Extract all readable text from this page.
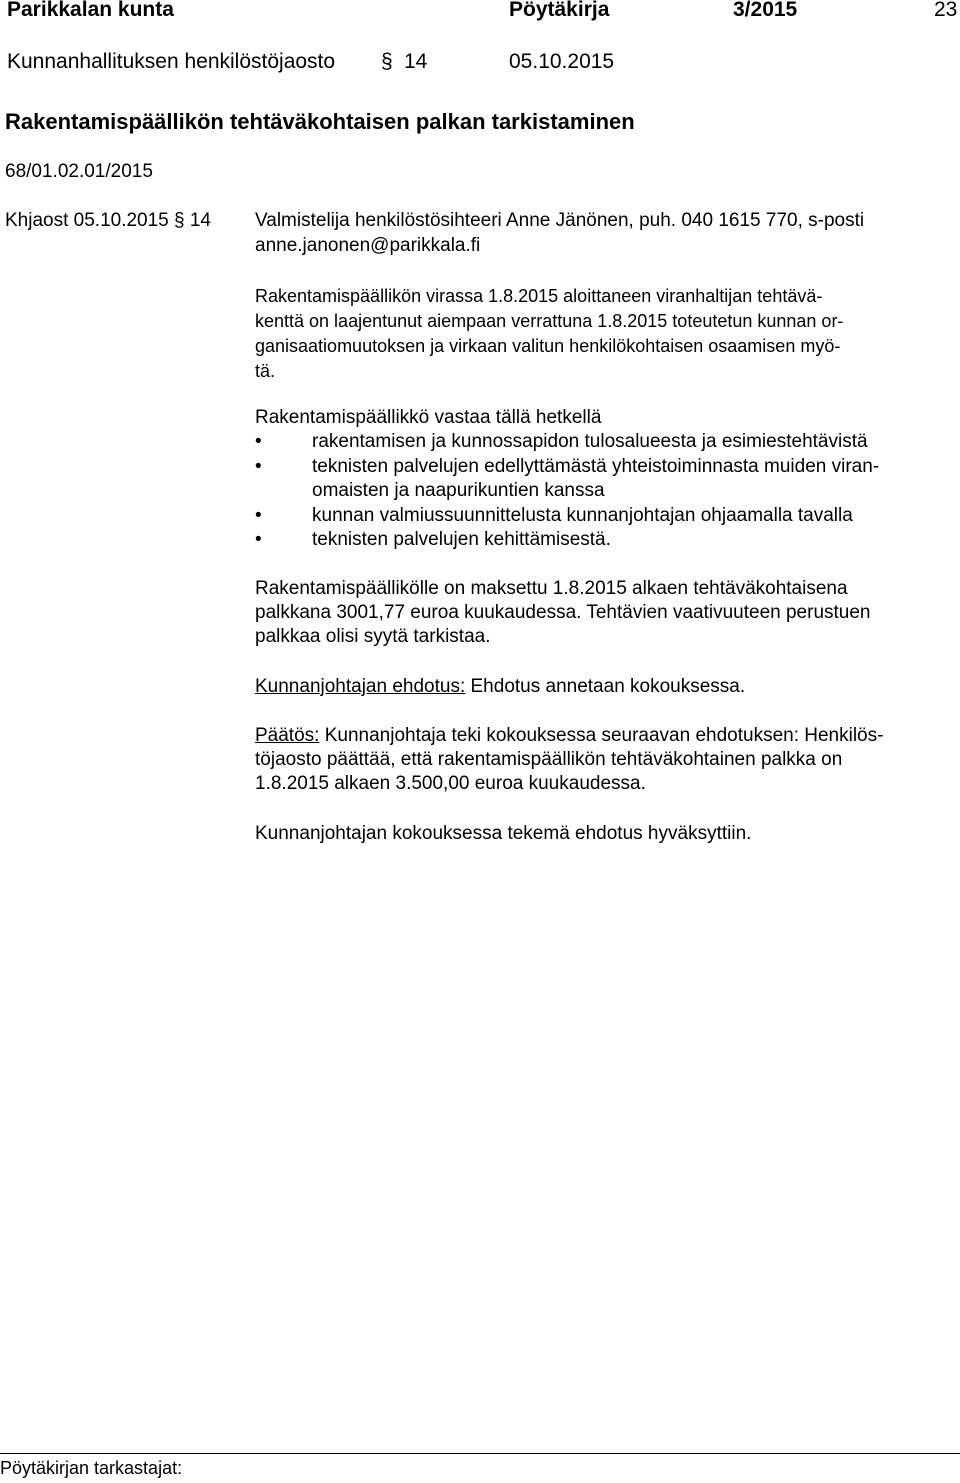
Parikkalan kunta	Pöytäkirja	3/2015	23
Kunnanhallituksen henkilöstöjaosto § 14	05.10.2015
Rakentamispäällikön tehtäväkohtaisen palkan tarkistaminen
68/01.02.01/2015
Khjaost 05.10.2015 § 14 Valmistelija henkilöstösihteeri Anne Jänönen, puh. 040 1615 770, s-posti
anne.janonen@parikkala.fi
Rakentamispäällikön virassa 1.8.2015 aloittaneen viranhaltijan tehtävä-
kenttä on laajentunut aiempaan verrattuna 1.8.2015 toteutetun kunnan or-
ganisaatiomuutoksen ja virkaan valitun henkilökohtaisen osaamisen myö-
tä.
Rakentamispäällikkö vastaa tällä hetkellä
•	rakentamisen ja kunnossapidon tulosalueesta ja esimiestehtävistä
•	teknisten palvelujen edellyttämästä yhteistoiminnasta muiden viran-
omaisten ja naapurikuntien kanssa
•	kunnan valmiussuunnittelusta kunnanjohtajan ohjaamalla tavalla
•	teknisten palvelujen kehittämisestä.
Rakentamispäällikölle on maksettu 1.8.2015 alkaen tehtäväkohtaisena
palkkana 3001,77 euroa kuukaudessa. Tehtävien vaativuuteen perustuen
palkkaa olisi syytä tarkistaa.
Kunnanjohtajan ehdotus: Ehdotus annetaan kokouksessa.
Päätös: Kunnanjohtaja teki kokouksessa seuraavan ehdotuksen: Henkilös-
töjaosto päättää, että rakentamispäällikön tehtäväkohtainen palkka on
1.8.2015 alkaen 3.500,00 euroa kuukaudessa.
Kunnanjohtajan kokouksessa tekemä ehdotus hyväksyttiin.
Pöytäkirjan tarkastajat:
